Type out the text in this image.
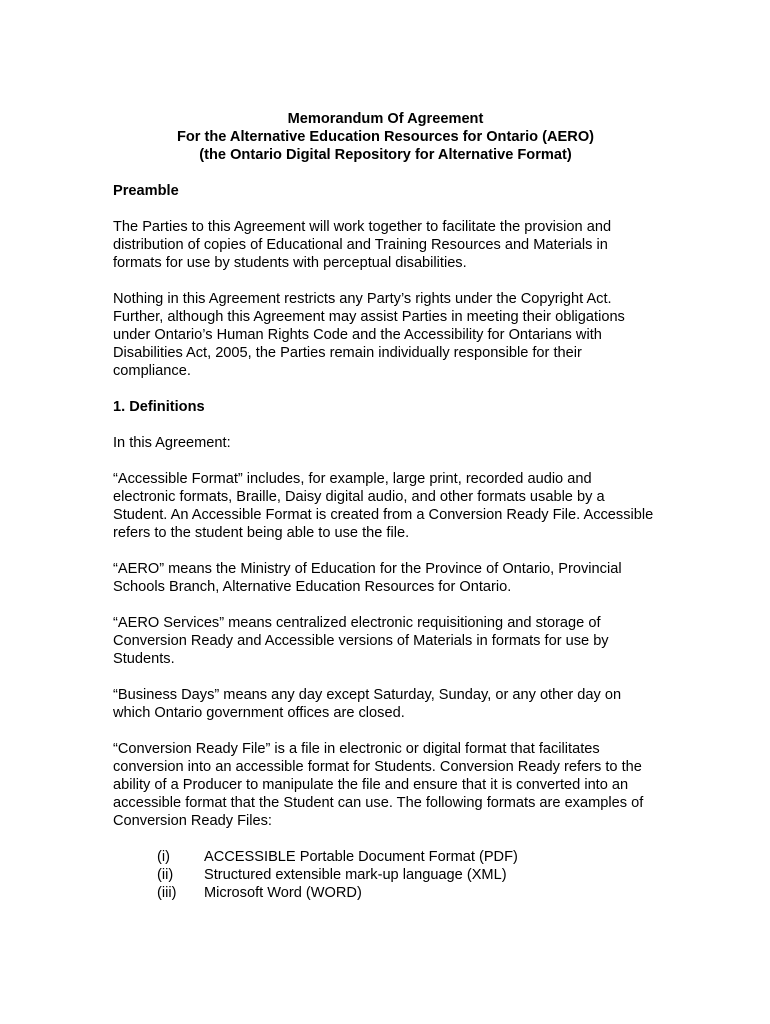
Memorandum Of Agreement
For the Alternative Education Resources for Ontario (AERO)
(the Ontario Digital Repository for Alternative Format)

Preamble

The Parties to this Agreement will work together to facilitate the provision and distribution of copies of Educational and Training Resources and Materials in formats for use by students with perceptual disabilities.

Nothing in this Agreement restricts any Party’s rights under the Copyright Act. Further, although this Agreement may assist Parties in meeting their obligations under Ontario’s Human Rights Code and the Accessibility for Ontarians with Disabilities Act, 2005, the Parties remain individually responsible for their compliance.

1. Definitions

In this Agreement:

“Accessible Format” includes, for example, large print, recorded audio and electronic formats, Braille, Daisy digital audio, and other formats usable by a Student. An Accessible Format is created from a Conversion Ready File. Accessible refers to the student being able to use the file.

“AERO” means the Ministry of Education for the Province of Ontario, Provincial Schools Branch, Alternative Education Resources for Ontario.

“AERO Services” means centralized electronic requisitioning and storage of Conversion Ready and Accessible versions of Materials in formats for use by Students.

“Business Days” means any day except Saturday, Sunday, or any other day on which Ontario government offices are closed.

“Conversion Ready File” is a file in electronic or digital format that facilitates conversion into an accessible format for Students. Conversion Ready refers to the ability of a Producer to manipulate the file and ensure that it is converted into an accessible format that the Student can use. The following formats are examples of Conversion Ready Files:

(i)	ACCESSIBLE Portable Document Format (PDF)
(ii)	Structured extensible mark-up language (XML)
(iii)	Microsoft Word (WORD)
